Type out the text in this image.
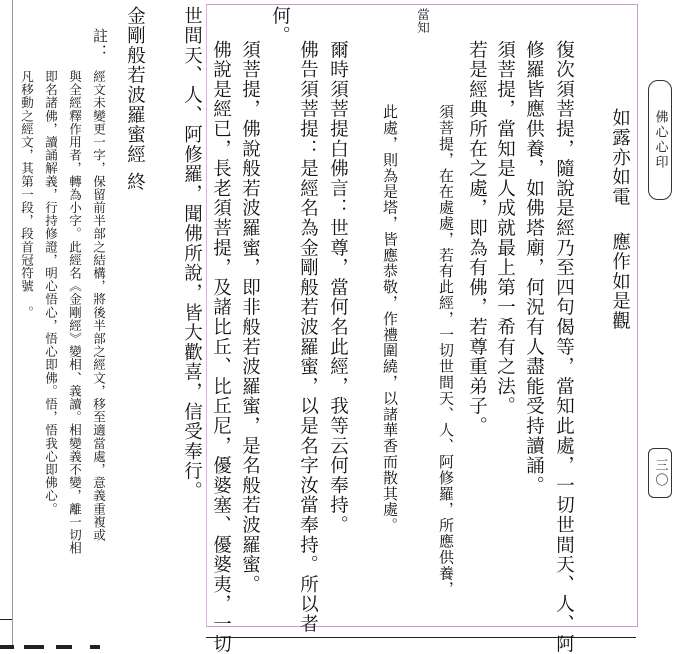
佛心心印
三〇
如露亦如電
應作如是觀
復次須菩提，隨說是經乃至四句偈等，當知此處，一切世間天、人、阿
修羅皆應供養，如佛塔廟，何況有人盡能受持讀誦。
須菩提，當知是人成就最上第一希有之法。
若是經典所在之處，即為有佛，若尊重弟子。
當知
須菩提，在在處處，若有此經，一切世間天、人、阿修羅，所應供養，
此處，則為是塔，皆應恭敬，作禮圍繞，以諸華香而散其處。
爾時須菩提白佛言：世尊，當何名此經，我等云何奉持。
佛告須菩提：是經名為金剛般若波羅蜜，以是名字汝當奉持。所以者
何。
須菩提，佛說般若波羅蜜，即非般若波羅蜜，是名般若波羅蜜。
佛說是經已，長老須菩提，及諸比丘、比丘尼，優婆塞、優婆夷，一切
世間天、人、阿修羅，聞佛所說，皆大歡喜，信受奉行。
金剛般若波羅蜜經
終
註：
經文未變更一字，保留前半部之結構，將後半部之經文，移至適當處，意義重複或
與全經釋作用者，轉為小字。此經名《金剛經》變相、義讀。相變義不變，離一切相
即名諸佛，讀誦解義，行持修證，明心悟心，悟心即佛。悟，悟我心即佛心。
凡移動之經文，其第一段，段首冠符號　。
